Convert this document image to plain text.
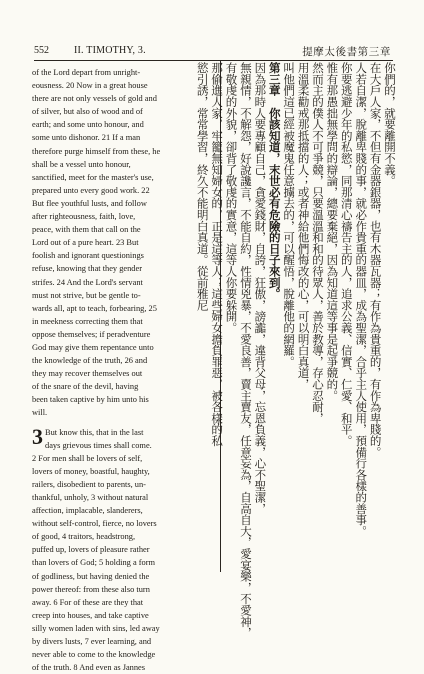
552	II. TIMOTHY, 3.	提摩太後書第三章
of the Lord depart from unright-
eousness. 20 Now in a great house
there are not only vessels of gold and
of silver, but also of wood and of
earth; and some unto honour, and
some unto dishonor. 21 If a man
therefore purge himself from these, he
shall be a vessel unto honour,
sanctified, meet for the master's use,
prepared unto every good work. 22
But flee youthful lusts, and follow
after righteousness, faith, love,
peace, with them that call on the
Lord out of a pure heart. 23 But
foolish and ignorant questionings
refuse, knowing that they gender
strifes. 24 And the Lord's servant
must not strive, but be gentle to-
wards all, apt to teach, forbearing, 25
in meekness correcting them that
oppose themselves; if peradventure
God may give them repentance unto
the knowledge of the truth, 26 and
they may recover themselves out
of the snare of the devil, having
been taken captive by him unto his
will.
3 But know this, that in the last
days grievous times shall come.
2 For men shall be lovers of self,
lovers of money, boastful, haughty,
railers, disobedient to parents, un-
thankful, unholy, 3 without natural
affection, implacable, slanderers,
without self-control, fierce, no lovers
of good, 4 traitors, headstrong,
puffed up, lovers of pleasure rather
than lovers of God; 5 holding a form
of godliness, but having denied the
power thereof: from these also turn
away. 6 For of these are they that
creep into houses, and take captive
silly women laden with sins, led away
by divers lusts, 7 ever learning, and
never able to come to the knowledge
of the truth. 8 And even as Jannes
你們的，就要離開不義。
在大戶人家，不但有金器銀器，也有木器瓦器；有作為貴重的，有作為卑賤的。
人若自潔，脫離卑賤的事，就必作貴重的器皿，成為聖潔，合乎主人使用，預備行各樣的善事。
你要逃避少年的私慾，同那清心禱告主的人，追求公義、信實、仁愛、和平。
惟有那愚拙無學問的辯論，總要棄絕，因為知道這等事是起爭競的。
然而主的僕人不可爭競，只要溫溫和和的待眾人，善於教導，存心忍耐，
用溫柔勸戒那抵擋的人；或者神給他們悔改的心，可以明白真道，
叫他們這已經被魔鬼任意擄去的，可以醒悟，脫離他的網羅。
第三章　你該知道，末世必有危險的日子來到。
因為那時人要專顧自己，貪愛錢財，自誇，狂傲，謗讟，違背父母，忘恩負義，心不聖潔，
無親情，不解怨，好說讒言，不能自約，性情兇暴，不愛良善，賣主賣友，任意妄為，自高自大，愛宴樂，不愛神，
有敬虔的外貌，卻背了敬虔的實意，這等人你要躲開。
那偷進人家，牢籠無知婦女的，正是這等人；這些婦女擔負罪惡，被各樣的私
慾引誘，常常學習，終久不能明白真道。從前雅尼
